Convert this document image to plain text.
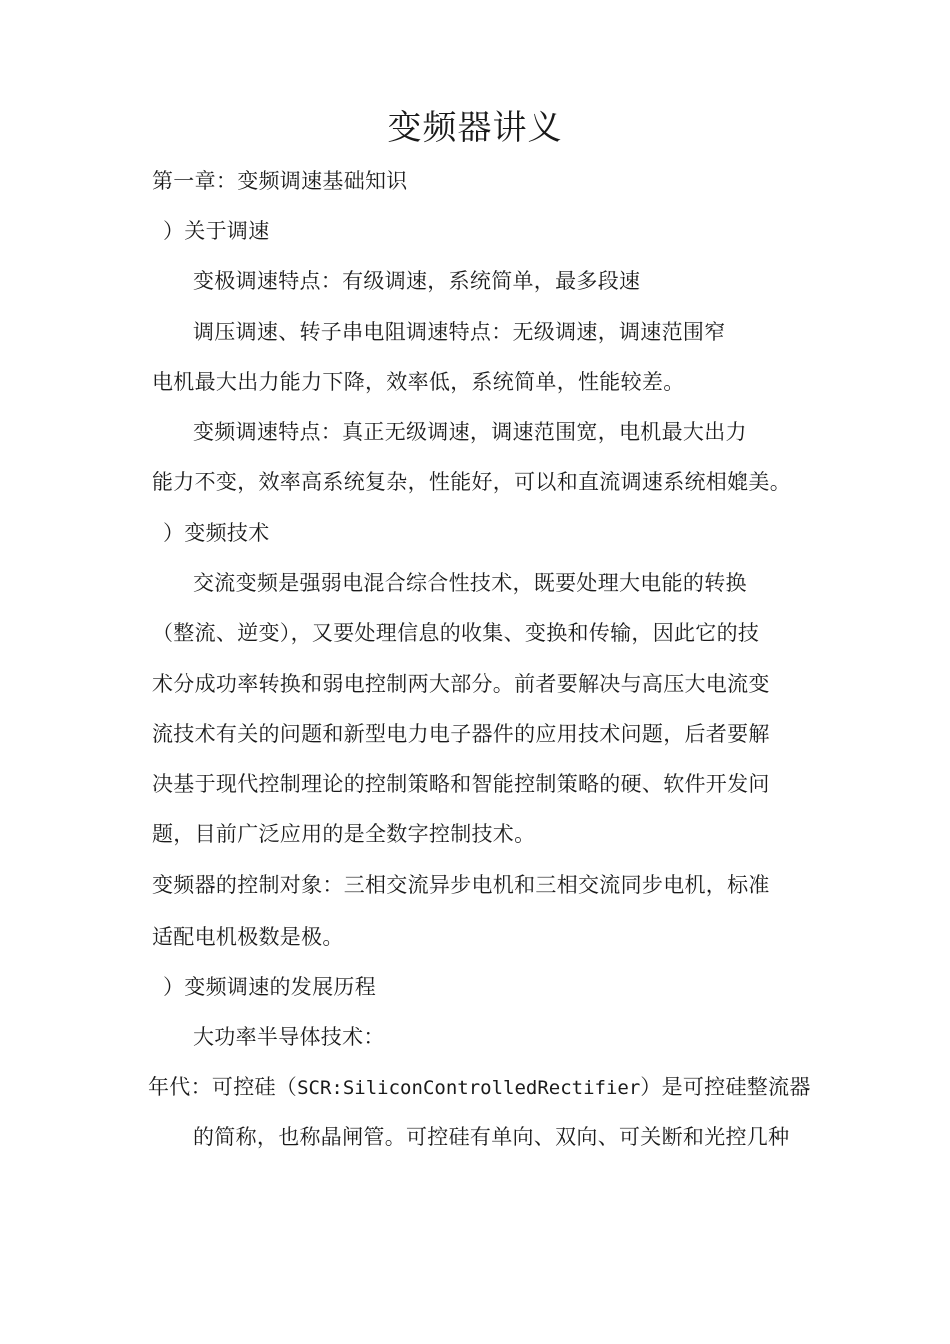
变频器讲义
第一章：变频调速基础知识
）关于调速
变极调速特点：有级调速，系统简单，最多段速
调压调速、转子串电阻调速特点：无级调速，调速范围窄
电机最大出力能力下降，效率低，系统简单，性能较差。
变频调速特点：真正无级调速，调速范围宽，电机最大出力
能力不变，效率高系统复杂，性能好，可以和直流调速系统相媲美。
）变频技术
交流变频是强弱电混合综合性技术，既要处理大电能的转换
（整流、逆变），又要处理信息的收集、变换和传输，因此它的技
术分成功率转换和弱电控制两大部分。前者要解决与高压大电流变
流技术有关的问题和新型电力电子器件的应用技术问题，后者要解
决基于现代控制理论的控制策略和智能控制策略的硬、软件开发问
题，目前广泛应用的是全数字控制技术。
变频器的控制对象：三相交流异步电机和三相交流同步电机，标准
适配电机极数是极。
）变频调速的发展历程
大功率半导体技术：
年代：可控硅（SCR:SiliconControlledRectifier）是可控硅整流器
的简称，也称晶闸管。可控硅有单向、双向、可关断和光控几种
